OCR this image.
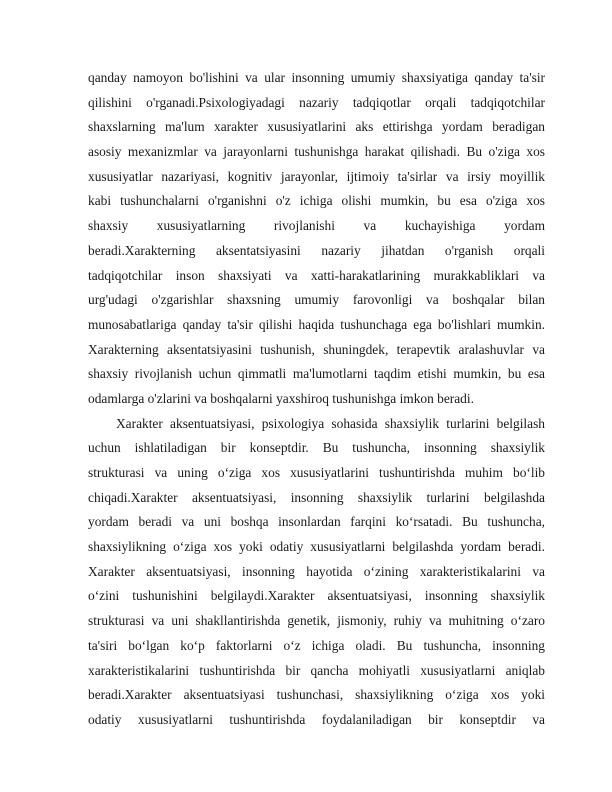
qanday namoyon bo'lishini va ular insonning umumiy shaxsiyatiga qanday ta'sir
qilishini o'rganadi.Psixologiyadagi nazariy tadqiqotlar orqali tadqiqotchilar
shaxslarning ma'lum xarakter xususiyatlarini aks ettirishga yordam beradigan
asosiy mexanizmlar va jarayonlarni tushunishga harakat qilishadi. Bu o'ziga xos
xususiyatlar nazariyasi, kognitiv jarayonlar, ijtimoiy ta'sirlar va irsiy moyillik
kabi tushunchalarni o'rganishni o'z ichiga olishi mumkin, bu esa o'ziga xos
shaxsiy xususiyatlarning rivojlanishi va kuchayishiga yordam
beradi.Xarakterning aksentatsiyasini nazariy jihatdan o'rganish orqali
tadqiqotchilar inson shaxsiyati va xatti-harakatlarining murakkabliklari va
urg'udagi o'zgarishlar shaxsning umumiy farovonligi va boshqalar bilan
munosabatlariga qanday ta'sir qilishi haqida tushunchaga ega bo'lishlari mumkin.
Xarakterning aksentatsiyasini tushunish, shuningdek, terapevtik aralashuvlar va
shaxsiy rivojlanish uchun qimmatli ma'lumotlarni taqdim etishi mumkin, bu esa
odamlarga o'zlarini va boshqalarni yaxshiroq tushunishga imkon beradi.
Xarakter aksentuatsiyasi, psixologiya sohasida shaxsiylik turlarini belgilash
uchun ishlatiladigan bir konseptdir. Bu tushuncha, insonning shaxsiylik
strukturasi va uning o‘ziga xos xususiyatlarini tushuntirishda muhim bo‘lib
chiqadi.Xarakter aksentuatsiyasi, insonning shaxsiylik turlarini belgilashda
yordam beradi va uni boshqa insonlardan farqini ko‘rsatadi. Bu tushuncha,
shaxsiylikning o‘ziga xos yoki odatiy xususiyatlarni belgilashda yordam beradi.
Xarakter aksentuatsiyasi, insonning hayotida o‘zining xarakteristikalarini va
o‘zini tushunishini belgilaydi.Xarakter aksentuatsiyasi, insonning shaxsiylik
strukturasi va uni shakllantirishda genetik, jismoniy, ruhiy va muhitning o‘zaro
ta'siri bo‘lgan ko‘p faktorlarni o‘z ichiga oladi. Bu tushuncha, insonning
xarakteristikalarini tushuntirishda bir qancha mohiyatli xususiyatlarni aniqlab
beradi.Xarakter aksentuatsiyasi tushunchasi, shaxsiylikning o‘ziga xos yoki
odatiy xususiyatlarni tushuntirishda foydalaniladigan bir konseptdir va
